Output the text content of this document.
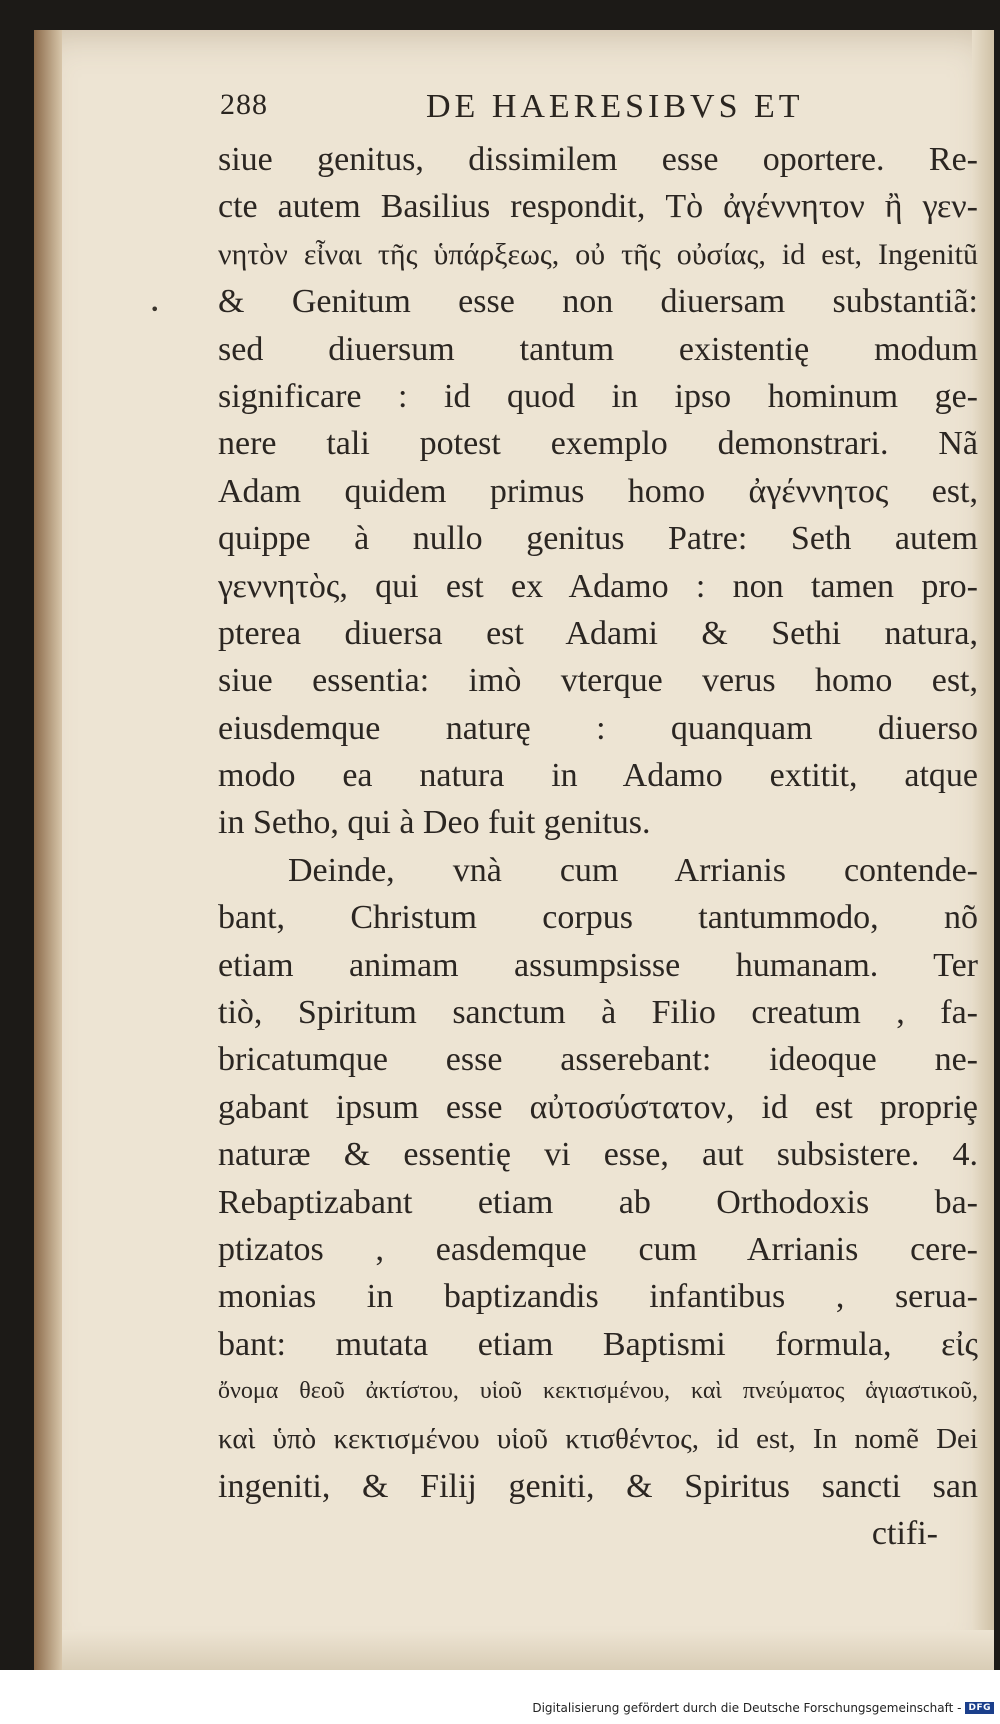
288	DE HAERESIBVS ET
•
siue genitus, dissimilem esse oportere. Re-
cte autem Basilius respondit, Τὸ ἀγέννητον ἢ γεν-
νητὸν εἶναι τῆς ὑπάρξεως, οὐ τῆς οὐσίας, id est, Ingenitũ
& Genitum esse non diuersam substantiã:
sed diuersum tantum existentię modum
significare : id quod in ipso hominum ge-
nere tali potest exemplo demonstrari. Nã
Adam quidem primus homo ἀγέννητος est,
quippe à nullo genitus Patre: Seth autem
γεννητὸς, qui est ex Adamo : non tamen pro-
pterea diuersa est Adami & Sethi natura,
siue essentia: imò vterque verus homo est,
eiusdemque naturę : quanquam diuerso
modo ea natura in Adamo extitit, atque
in Setho, qui à Deo fuit genitus.
Deinde, vnà cum Arrianis contende-
bant, Christum corpus tantummodo, nõ
etiam animam assumpsisse humanam. Ter
tiò, Spiritum sanctum à Filio creatum , fa-
bricatumque esse asserebant: ideoque ne-
gabant ipsum esse αὐτοσύστατον, id est propriȩ
naturæ & essentię vi esse, aut subsistere. 4.
Rebaptizabant etiam ab Orthodoxis ba-
ptizatos , easdemque cum Arrianis cere-
monias in baptizandis infantibus , serua-
bant: mutata etiam Baptismi formula, εἰς
ὄνομα θεοῦ ἀκτίστου, υἱοῦ κεκτισμένου, καὶ πνεύματος ἁγιαστικοῦ,
καὶ ὑπὸ κεκτισμένου υἱοῦ κτισθέντος, id est, In nomẽ Dei
ingeniti, & Filij geniti, & Spiritus sancti san
ctifi-
Digitalisierung gefördert durch die Deutsche Forschungsgemeinschaft - DFG
